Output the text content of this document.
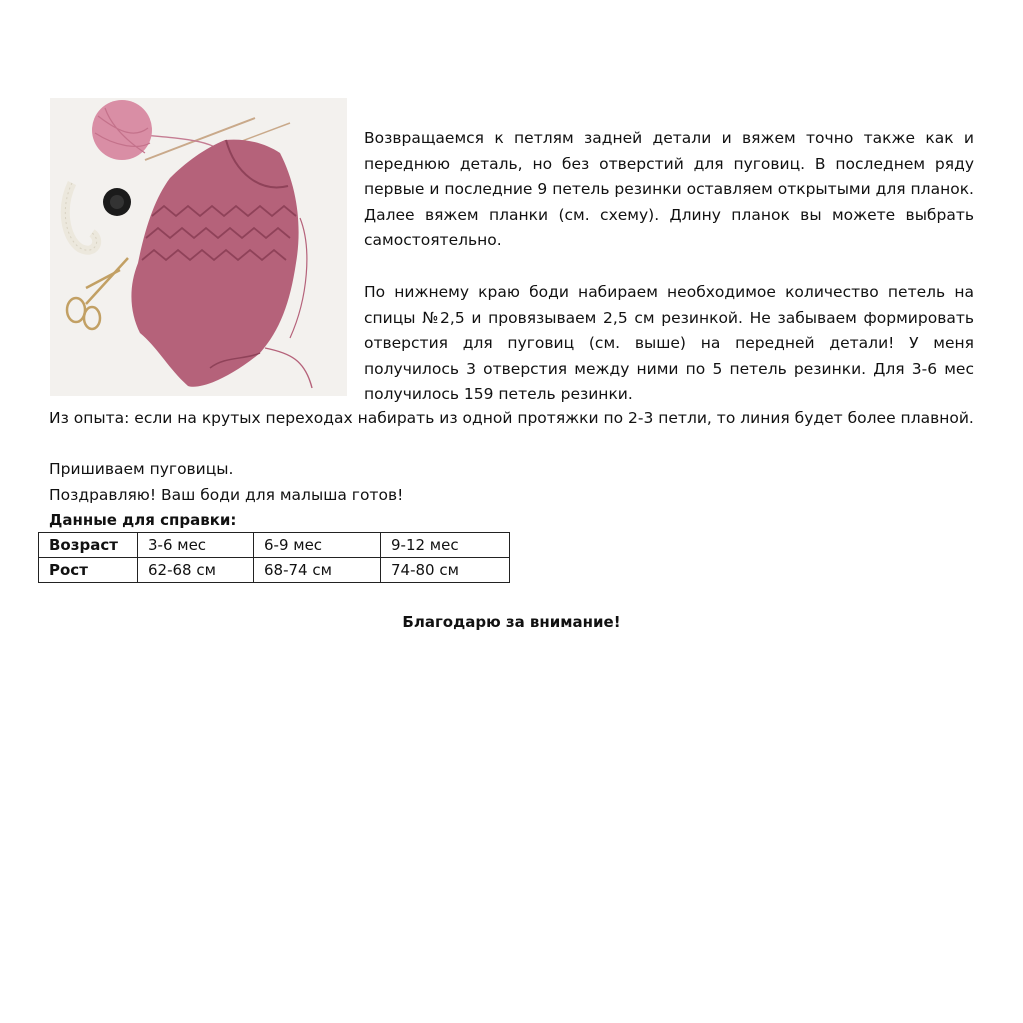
Возвращаемся к петлям задней детали и вяжем точно также как и переднюю деталь, но без отверстий для пуговиц. В последнем ряду первые и последние 9 петель резинки оставляем открытыми для планок. Далее вяжем планки (см. схему). Длину планок вы можете выбрать самостоятельно.

По нижнему краю боди набираем необходимое количество петель на спицы №2,5 и провязываем 2,5 см резинкой. Не забываем формировать отверстия для пуговиц (см. выше) на передней детали! У меня получилось 3 отверстия между ними по 5 петель резинки. Для 3-6 мес получилось 159 петель резинки.

Из опыта: если на крутых переходах набирать из одной протяжки по 2-3 петли, то линия будет более плавной.

Пришиваем пуговицы.

Поздравляю! Ваш боди для малыша готов!

Данные для справки:

Возраст	3-6 мес	6-9 мес	9-12 мес
Рост	62-68 см	68-74 см	74-80 см

Благодарю за внимание!
